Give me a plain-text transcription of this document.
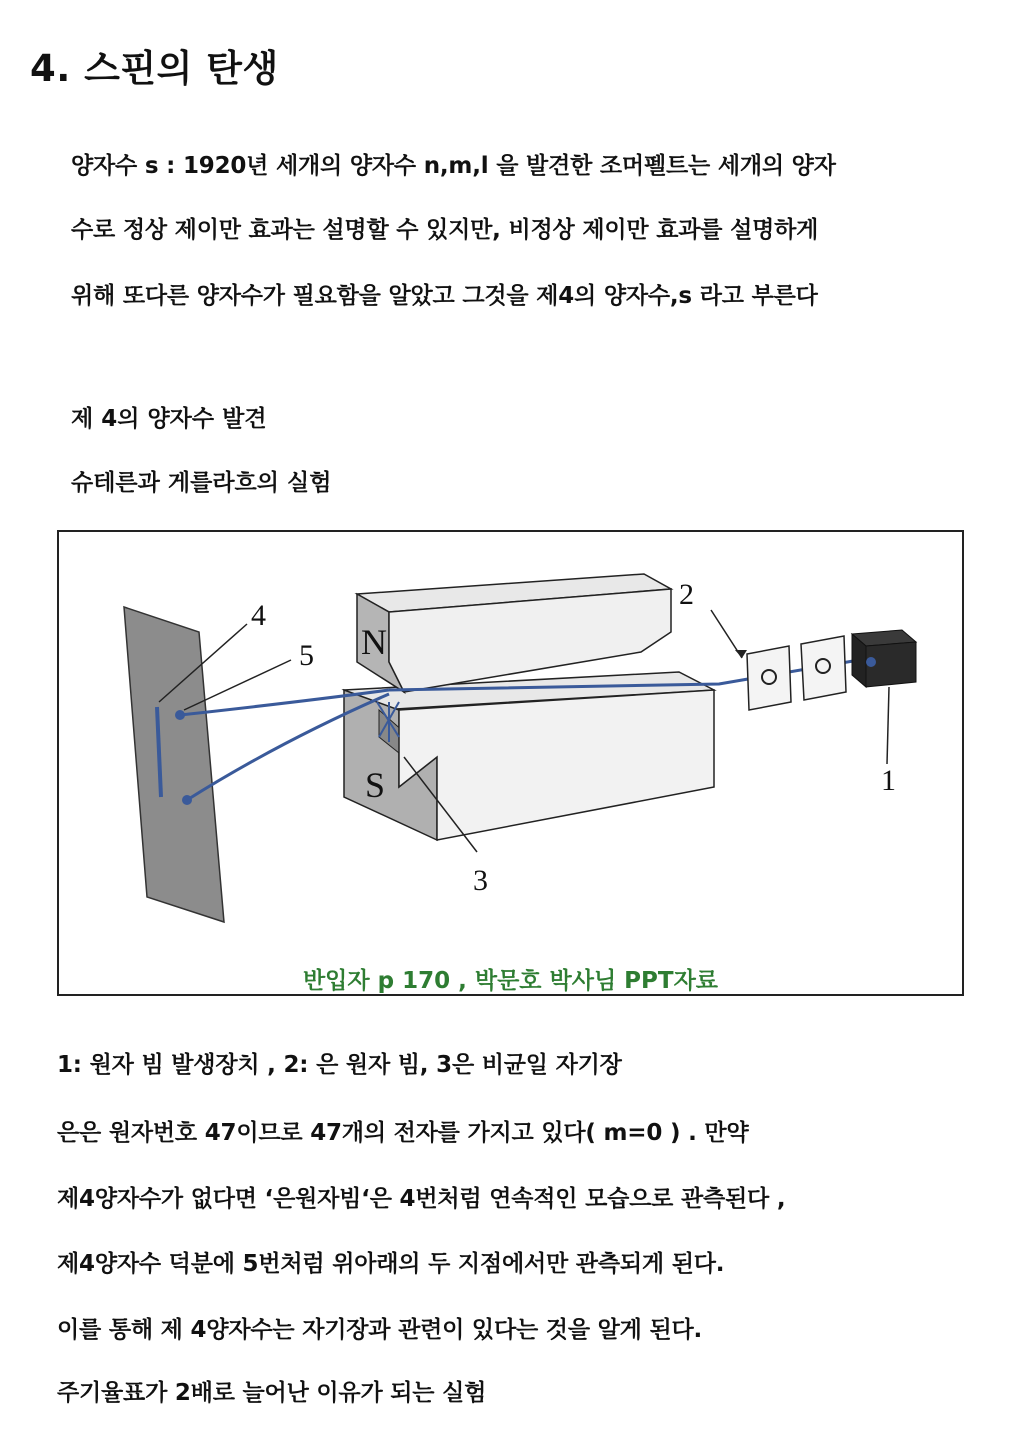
4. 스핀의 탄생
양자수 s : 1920년 세개의 양자수 n,m,l 을 발견한 조머펠트는 세개의 양자
수로 정상 제이만 효과는 설명할 수 있지만, 비정상 제이만 효과를 설명하게
위해 또다른 양자수가 필요함을 알았고 그것을 제4의 양자수,s 라고 부른다
제 4의 양자수 발견
슈테른과 게를라흐의 실험
S
N
1
2
3
4
5
반입자 p 170 , 박문호 박사님 PPT자료
1: 원자 빔 발생장치 , 2: 은 원자 빔, 3은 비균일 자기장
은은 원자번호 47이므로 47개의 전자를 가지고 있다( m=0 ) . 만약
제4양자수가 없다면 ‘은원자빔‘은 4번처럼 연속적인 모습으로 관측된다 ,
제4양자수 덕분에 5번처럼 위아래의 두 지점에서만 관측되게 된다.
이를 통해 제 4양자수는 자기장과 관련이 있다는 것을 알게 된다.
주기율표가 2배로 늘어난 이유가 되는 실험
